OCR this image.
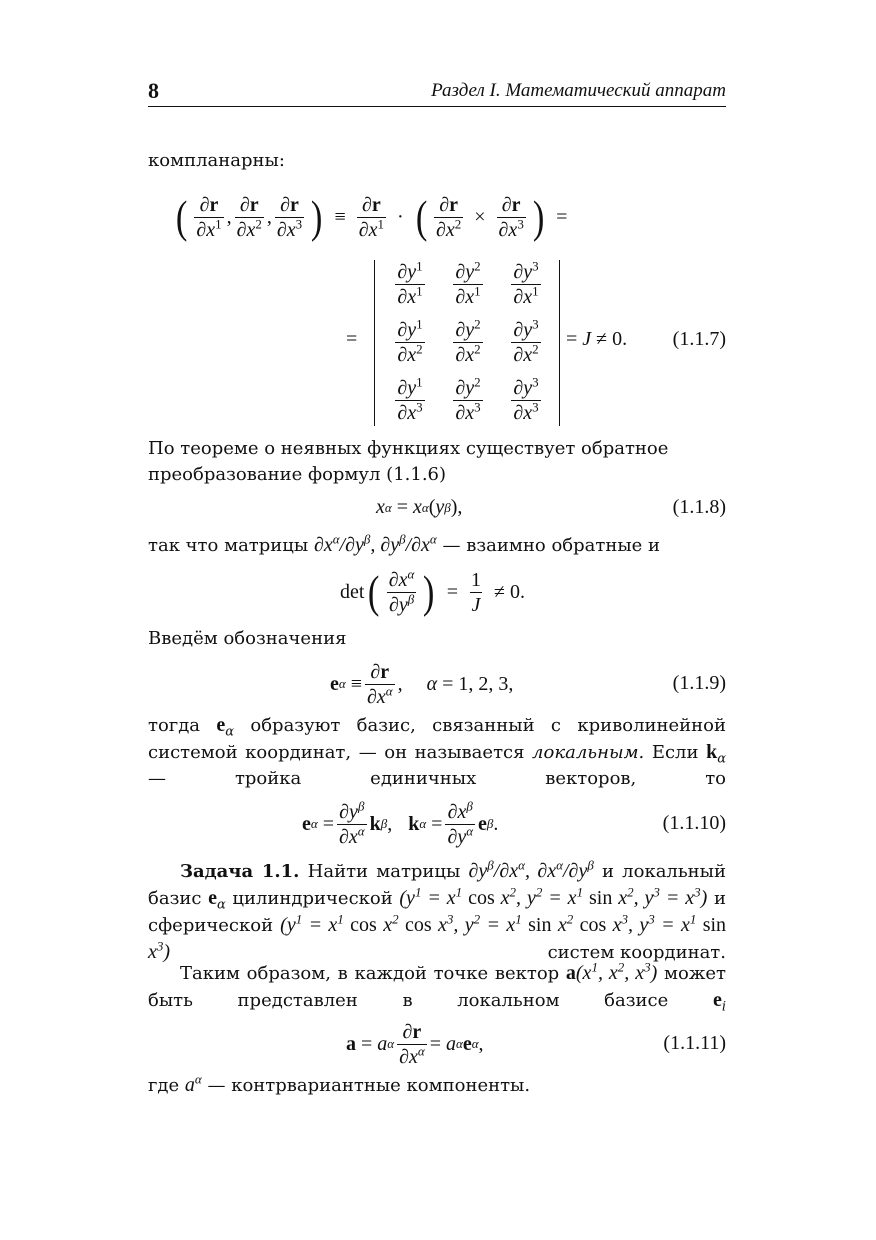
8	Раздел I. Математический аппарат
компланарны:
( $\frac{\partial r}{\partial x^1}$ , $\frac{\partial r}{\partial x^2}$ , $\frac{\partial r}{\partial x^3}$ ) ≡ $\frac{\partial r}{\partial x^1}$ · ( $\frac{\partial r}{\partial x^2} \times \frac{\partial r}{\partial x^3}$ ) =
=
$\frac{\partial y^1}{\partial x^1} \frac{\partial y^2}{\partial x^1} \frac{\partial y^3}{\partial x^1}$
$\frac{\partial y^1}{\partial x^2} \frac{\partial y^2}{\partial x^2} \frac{\partial y^3}{\partial x^2}$
$\frac{\partial y^1}{\partial x^3} \frac{\partial y^2}{\partial x^3} \frac{\partial y^3}{\partial x^3}$
= J ≠ 0. (1.1.7)
По теореме о неявных функциях существует обратное преобразование формул (1.1.6)
x α = x α ( y β ),	(1.1.8)
так что матрицы $\partial x^\alpha/\partial y^\beta$, $\partial y^\beta/\partial x^\alpha$ — взаимно обратные и
det ( $\frac{\partial x^\alpha}{\partial y^\beta}$ ) = $\frac{1}{J} \ne 0$.
Введём обозначения
e $\alpha \equiv \frac{\partial r}{\partial x^\alpha}$ , α = 1, 2, 3,	(1.1.9)
тогда $e_\alpha$ образуют базис, связанный с криволинейной системой координат, — он называется локальным. Если $k_\alpha$ — тройка единичных векторов, то
e $\alpha = \frac{\partial y^\beta}{\partial x^\alpha}$ k β , k $\alpha = \frac{\partial x^\beta}{\partial y^\alpha}$ e β .	(1.1.10)
Задача 1.1. Найти матрицы $\partial y^\beta/\partial x^\alpha$, $\partial x^\alpha/\partial y^\beta$ и локальный базис $e_\alpha$ цилиндрической ($y^1 = x^1$ $\cos x^2$, $y^2 = x^1$ $\sin x^2$, $y^3 = x^3$) и сферической ($y^1 = x^1$ $\cos x^2$ $\cos x^3$, $y^2 = x^1$ $\sin x^2$ $\cos x^3$, $y^3 = x^1$ $\sin x^3$)	систем координат.
Таким образом, в каждой точке вектор $a(x^1$, $x^2$, $x^3$) может быть представлен в локальном базисе $e_i$
a = a α $\frac{\partial r}{\partial x^\alpha} = a$ α e α ,	(1.1.11)
где $a^\alpha$ — контрвариантные компоненты.
